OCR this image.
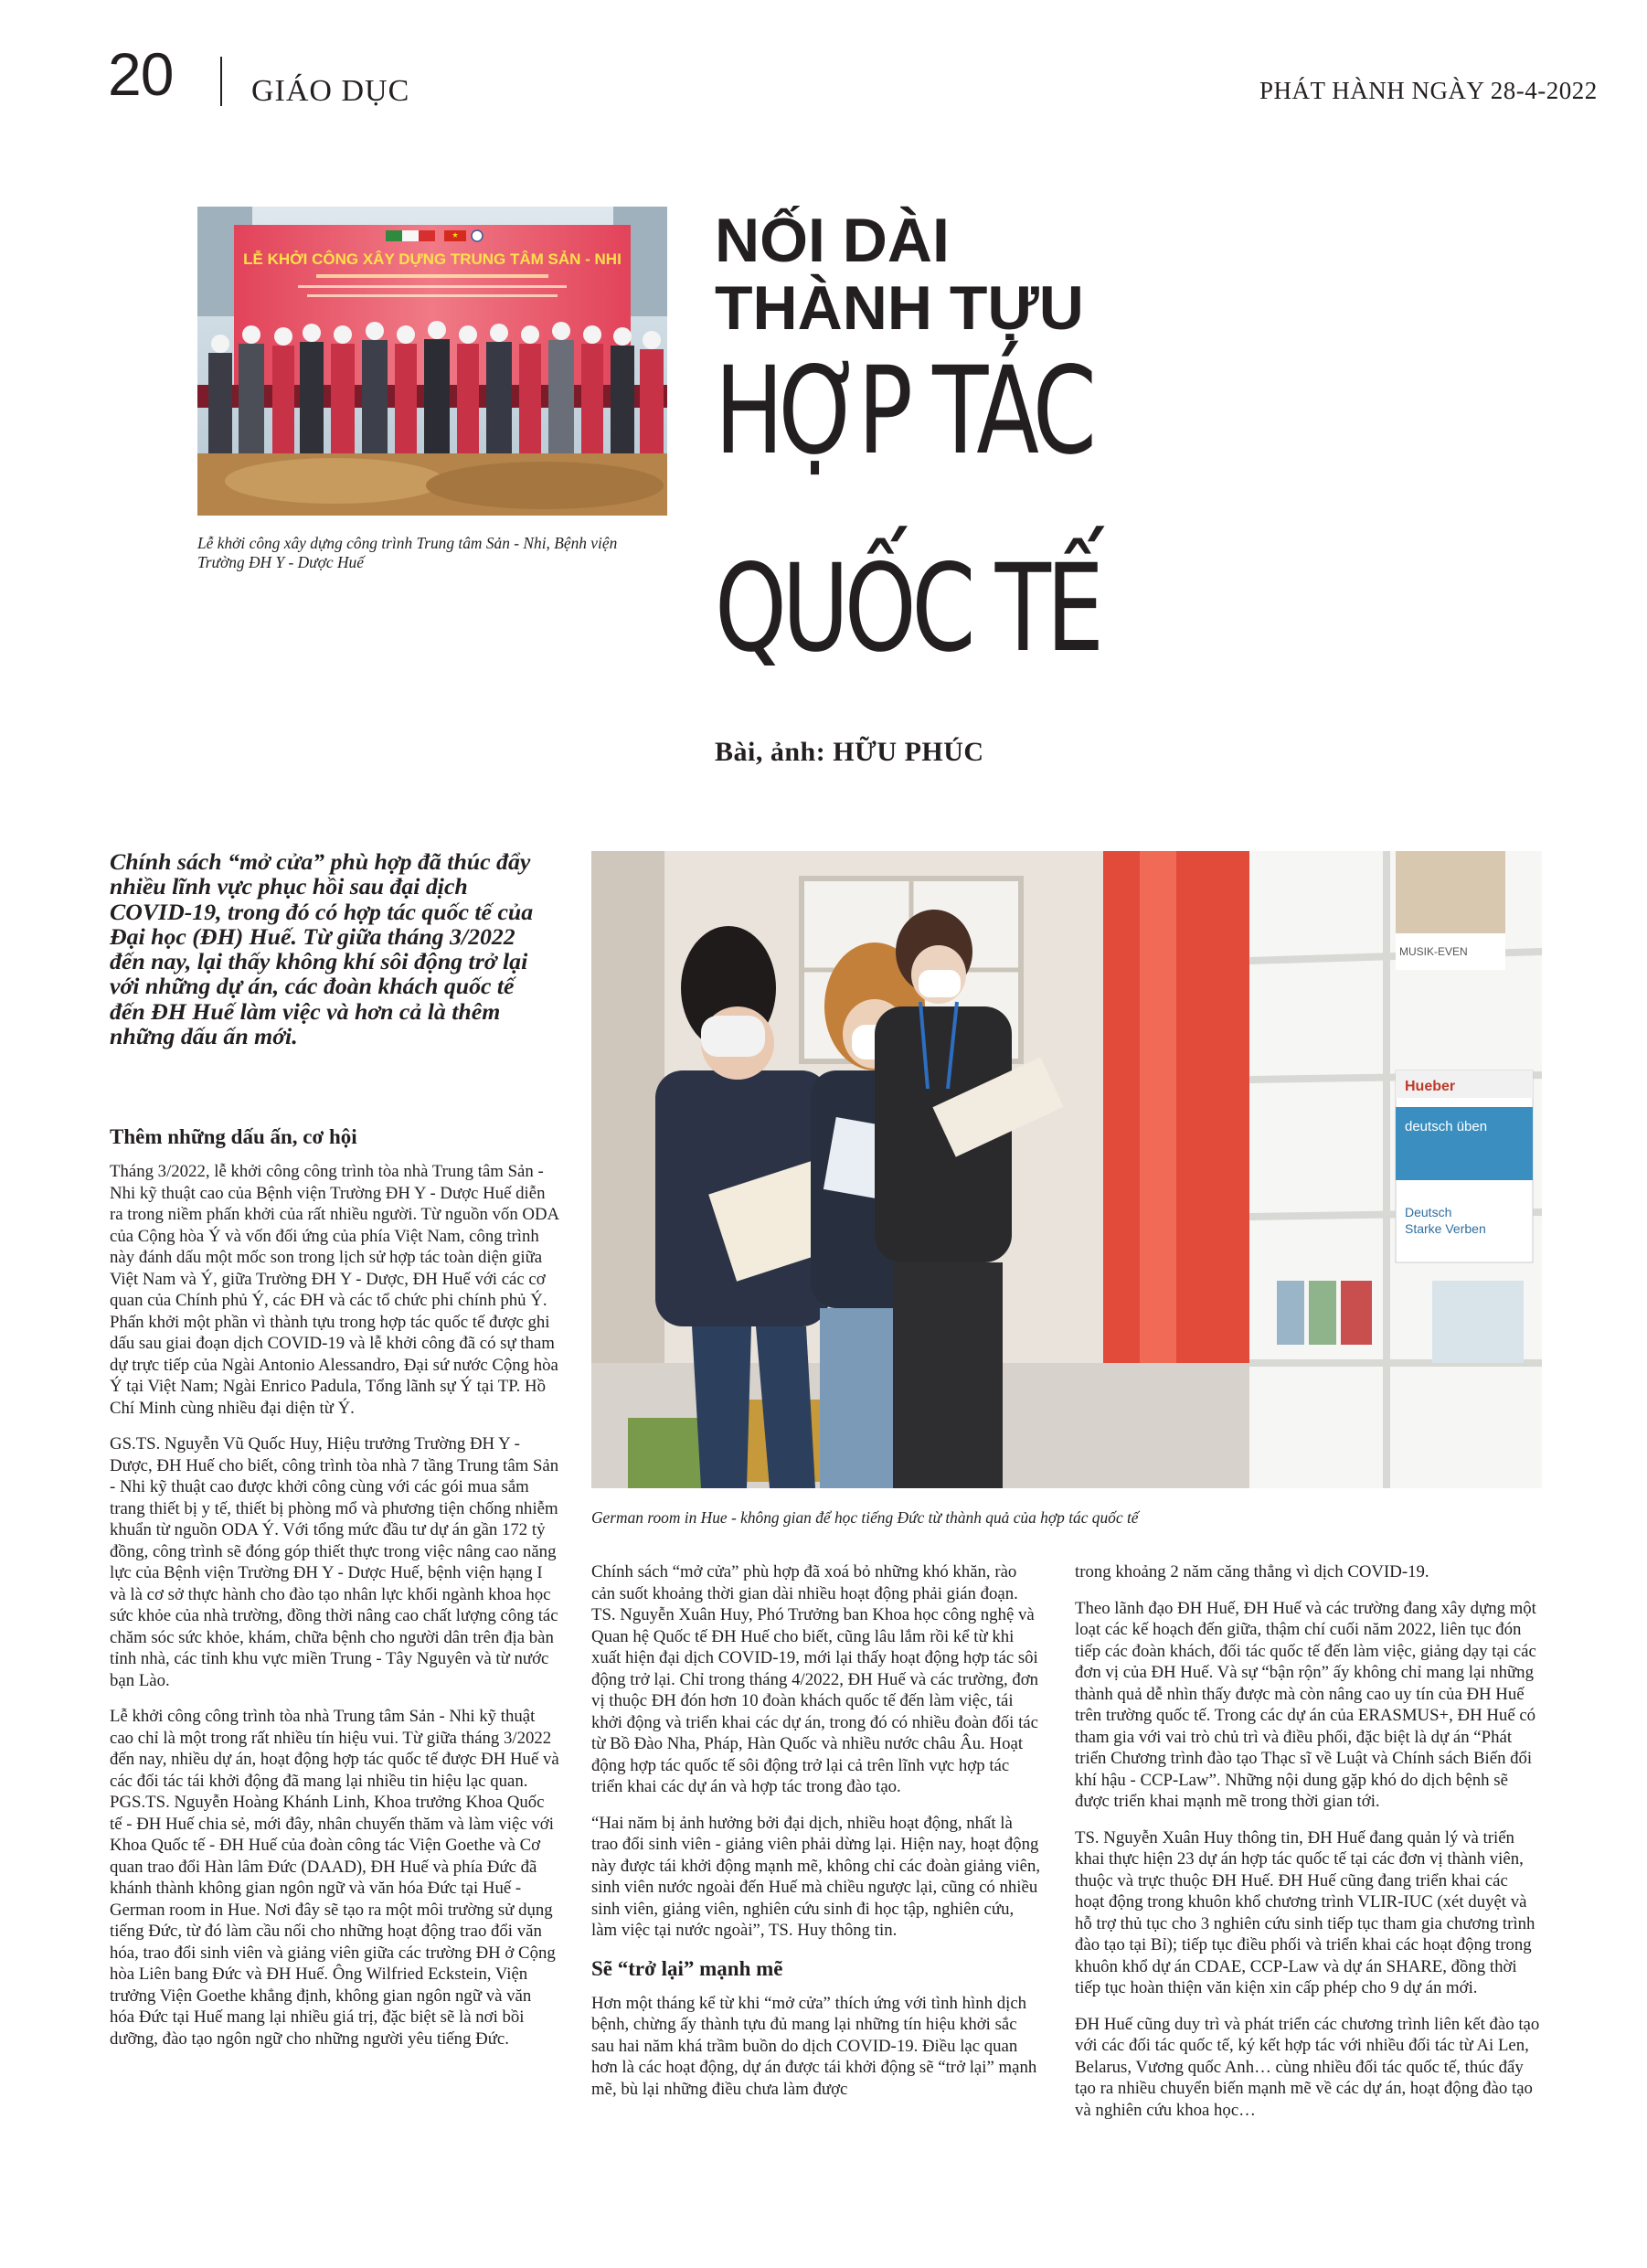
20	GIÁO DỤC	PHÁT HÀNH NGÀY 28-4-2022
LỄ KHỞI CÔNG XÂY DỰNG TRUNG TÂM SẢN - NHI
Lễ khởi công xây dựng công trình Trung tâm Sản - Nhi, Bệnh viện Trường ĐH Y - Dược Huế
NỐI DÀI
THÀNH TỰU
HỢP TÁC
QUỐC TẾ
Bài, ảnh: HỮU PHÚC
Chính sách “mở cửa” phù hợp đã thúc đẩy nhiều lĩnh vực phục hồi sau đại dịch COVID-19, trong đó có hợp tác quốc tế của Đại học (ĐH) Huế. Từ giữa tháng 3/2022 đến nay, lại thấy không khí sôi động trở lại với những dự án, các đoàn khách quốc tế đến ĐH Huế làm việc và hơn cả là thêm những dấu ấn mới.
Hueber
deutsch üben
Deutsch
Starke Verben
MUSIK-EVEN
German room in Hue - không gian để học tiếng Đức từ thành quả của hợp tác quốc tế
Thêm những dấu ấn, cơ hội

Tháng 3/2022, lễ khởi công công trình tòa nhà Trung tâm Sản - Nhi kỹ thuật cao của Bệnh viện Trường ĐH Y - Dược Huế diễn ra trong niềm phấn khởi của rất nhiều người. Từ nguồn vốn ODA của Cộng hòa Ý và vốn đối ứng của phía Việt Nam, công trình này đánh dấu một mốc son trong lịch sử hợp tác toàn diện giữa Việt Nam và Ý, giữa Trường ĐH Y - Dược, ĐH Huế với các cơ quan của Chính phủ Ý, các ĐH và các tổ chức phi chính phủ Ý. Phấn khởi một phần vì thành tựu trong hợp tác quốc tế được ghi dấu sau giai đoạn dịch COVID-19 và lễ khởi công đã có sự tham dự trực tiếp của Ngài Antonio Alessandro, Đại sứ nước Cộng hòa Ý tại Việt Nam; Ngài Enrico Padula, Tổng lãnh sự Ý tại TP. Hồ Chí Minh cùng nhiều đại diện từ Ý.

GS.TS. Nguyễn Vũ Quốc Huy, Hiệu trưởng Trường ĐH Y - Dược, ĐH Huế cho biết, công trình tòa nhà 7 tầng Trung tâm Sản - Nhi kỹ thuật cao được khởi công cùng với các gói mua sắm trang thiết bị y tế, thiết bị phòng mổ và phương tiện chống nhiễm khuẩn từ nguồn ODA Ý. Với tổng mức đầu tư dự án gần 172 tỷ đồng, công trình sẽ đóng góp thiết thực trong việc nâng cao năng lực của Bệnh viện Trường ĐH Y - Dược Huế, bệnh viện hạng I và là cơ sở thực hành cho đào tạo nhân lực khối ngành khoa học sức khỏe của nhà trường, đồng thời nâng cao chất lượng công tác chăm sóc sức khỏe, khám, chữa bệnh cho người dân trên địa bàn tỉnh nhà, các tỉnh khu vực miền Trung - Tây Nguyên và từ nước bạn Lào.

Lễ khởi công công trình tòa nhà Trung tâm Sản - Nhi kỹ thuật cao chỉ là một trong rất nhiều tín hiệu vui. Từ giữa tháng 3/2022 đến nay, nhiều dự án, hoạt động hợp tác quốc tế được ĐH Huế và các đối tác tái khởi động đã mang lại nhiều tin hiệu lạc quan. PGS.TS. Nguyễn Hoàng Khánh Linh, Khoa trưởng Khoa Quốc tế - ĐH Huế chia sẻ, mới đây, nhân chuyến thăm và làm việc với Khoa Quốc tế - ĐH Huế của đoàn công tác Viện Goethe và Cơ quan trao đổi Hàn lâm Đức (DAAD), ĐH Huế và phía Đức đã khánh thành không gian ngôn ngữ và văn hóa Đức tại Huế - German room in Hue. Nơi đây sẽ tạo ra một môi trường sử dụng tiếng Đức, từ đó làm cầu nối cho những hoạt động trao đổi văn hóa, trao đổi sinh viên và giảng viên giữa các trường ĐH ở Cộng hòa Liên bang Đức và ĐH Huế. Ông Wilfried Eckstein, Viện trưởng Viện Goethe khẳng định, không gian ngôn ngữ và văn hóa Đức tại Huế mang lại nhiều giá trị, đặc biệt sẽ là nơi bồi dưỡng, đào tạo ngôn ngữ cho những người yêu tiếng Đức.

Chính sách “mở cửa” phù hợp đã xoá bỏ những khó khăn, rào cản suốt khoảng thời gian dài nhiều hoạt động phải gián đoạn. TS. Nguyễn Xuân Huy, Phó Trưởng ban Khoa học công nghệ và Quan hệ Quốc tế ĐH Huế cho biết, cũng lâu lắm rồi kể từ khi xuất hiện đại dịch COVID-19, mới lại thấy hoạt động hợp tác sôi động trở lại. Chỉ trong tháng 4/2022, ĐH Huế và các trường, đơn vị thuộc ĐH đón hơn 10 đoàn khách quốc tế đến làm việc, tái khởi động và triển khai các dự án, trong đó có nhiều đoàn đối tác từ Bồ Đào Nha, Pháp, Hàn Quốc và nhiều nước châu Âu. Hoạt động hợp tác quốc tế sôi động trở lại cả trên lĩnh vực hợp tác triển khai các dự án và hợp tác trong đào tạo.

“Hai năm bị ảnh hưởng bởi đại dịch, nhiều hoạt động, nhất là trao đổi sinh viên - giảng viên phải dừng lại. Hiện nay, hoạt động này được tái khởi động mạnh mẽ, không chỉ các đoàn giảng viên, sinh viên nước ngoài đến Huế mà chiều ngược lại, cũng có nhiều sinh viên, giảng viên, nghiên cứu sinh đi học tập, nghiên cứu, làm việc tại nước ngoài”, TS. Huy thông tin.

Sẽ “trở lại” mạnh mẽ

Hơn một tháng kể từ khi “mở cửa” thích ứng với tình hình dịch bệnh, chừng ấy thành tựu đủ mang lại những tín hiệu khởi sắc sau hai năm khá trầm buồn do dịch COVID-19. Điều lạc quan hơn là các hoạt động, dự án được tái khởi động sẽ “trở lại” mạnh mẽ, bù lại những điều chưa làm được

trong khoảng 2 năm căng thẳng vì dịch COVID-19.

Theo lãnh đạo ĐH Huế, ĐH Huế và các trường đang xây dựng một loạt các kế hoạch đến giữa, thậm chí cuối năm 2022, liên tục đón tiếp các đoàn khách, đối tác quốc tế đến làm việc, giảng dạy tại các đơn vị của ĐH Huế. Và sự “bận rộn” ấy không chỉ mang lại những thành quả dễ nhìn thấy được mà còn nâng cao uy tín của ĐH Huế trên trường quốc tế. Trong các dự án của ERASMUS+, ĐH Huế có tham gia với vai trò chủ trì và điều phối, đặc biệt là dự án “Phát triển Chương trình đào tạo Thạc sĩ về Luật và Chính sách Biến đổi khí hậu - CCP-Law”. Những nội dung gặp khó do dịch bệnh sẽ được triển khai mạnh mẽ trong thời gian tới.

TS. Nguyễn Xuân Huy thông tin, ĐH Huế đang quản lý và triển khai thực hiện 23 dự án hợp tác quốc tế tại các đơn vị thành viên, thuộc và trực thuộc ĐH Huế. ĐH Huế cũng đang triển khai các hoạt động trong khuôn khổ chương trình VLIR-IUC (xét duyệt và hỗ trợ thủ tục cho 3 nghiên cứu sinh tiếp tục tham gia chương trình đào tạo tại Bỉ); tiếp tục điều phối và triển khai các hoạt động trong khuôn khổ dự án CDAE, CCP-Law và dự án SHARE, đồng thời tiếp tục hoàn thiện văn kiện xin cấp phép cho 9 dự án mới.

ĐH Huế cũng duy trì và phát triển các chương trình liên kết đào tạo với các đối tác quốc tế, ký kết hợp tác với nhiều đối tác từ Ai Len, Belarus, Vương quốc Anh… cùng nhiều đối tác quốc tế, thúc đẩy tạo ra nhiều chuyển biến mạnh mẽ về các dự án, hoạt động đào tạo và nghiên cứu khoa học…
